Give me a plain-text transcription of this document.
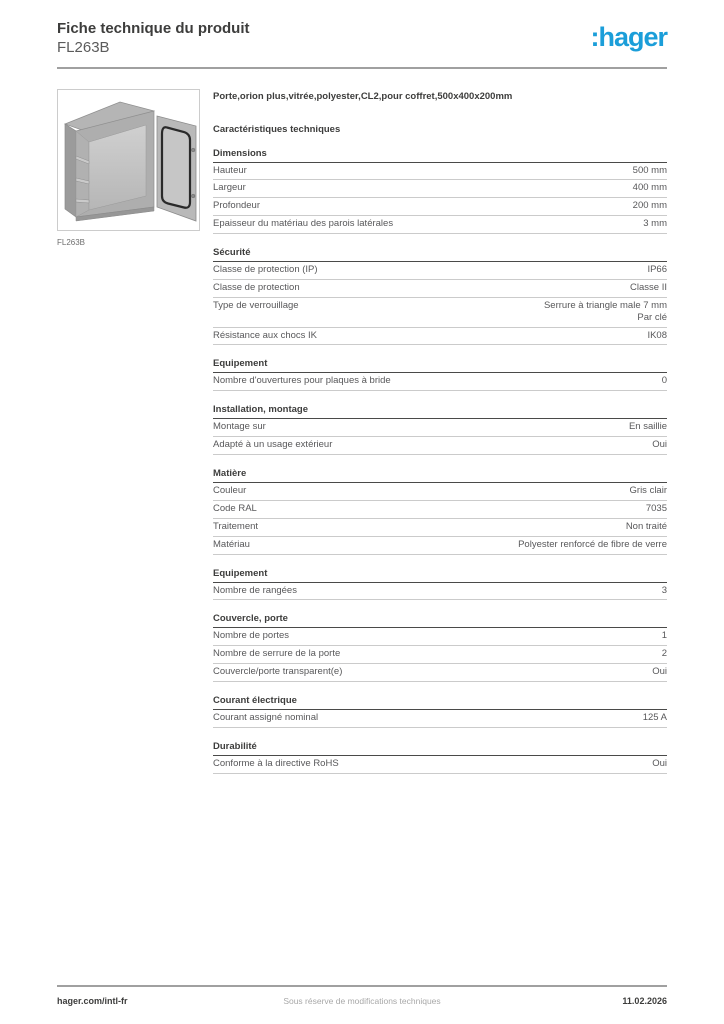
Fiche technique du produit
FL263B	:hager
FL263B
Porte,orion plus,vitrée,polyester,CL2,pour coffret,500x400x200mm
Caractéristiques techniques
Dimensions
Hauteur	500 mm
Largeur	400 mm
Profondeur	200 mm
Epaisseur du matériau des parois latérales	3 mm
Sécurité
Classe de protection (IP)	IP66
Classe de protection	Classe II
Type de verrouillage	Serrure à triangle male 7 mm
Par clé
Résistance aux chocs IK	IK08
Equipement
Nombre d'ouvertures pour plaques à bride	0
Installation, montage
Montage sur	En saillie
Adapté à un usage extérieur	Oui
Matière
Couleur	Gris clair
Code RAL	7035
Traitement	Non traité
Matériau	Polyester renforcé de fibre de verre
Equipement
Nombre de rangées	3
Couvercle, porte
Nombre de portes	1
Nombre de serrure de la porte	2
Couvercle/porte transparent(e)	Oui
Courant électrique
Courant assigné nominal	125 A
Durabilité
Conforme à la directive RoHS	Oui
hager.com/intl-fr	Sous réserve de modifications techniques	11.02.2026
